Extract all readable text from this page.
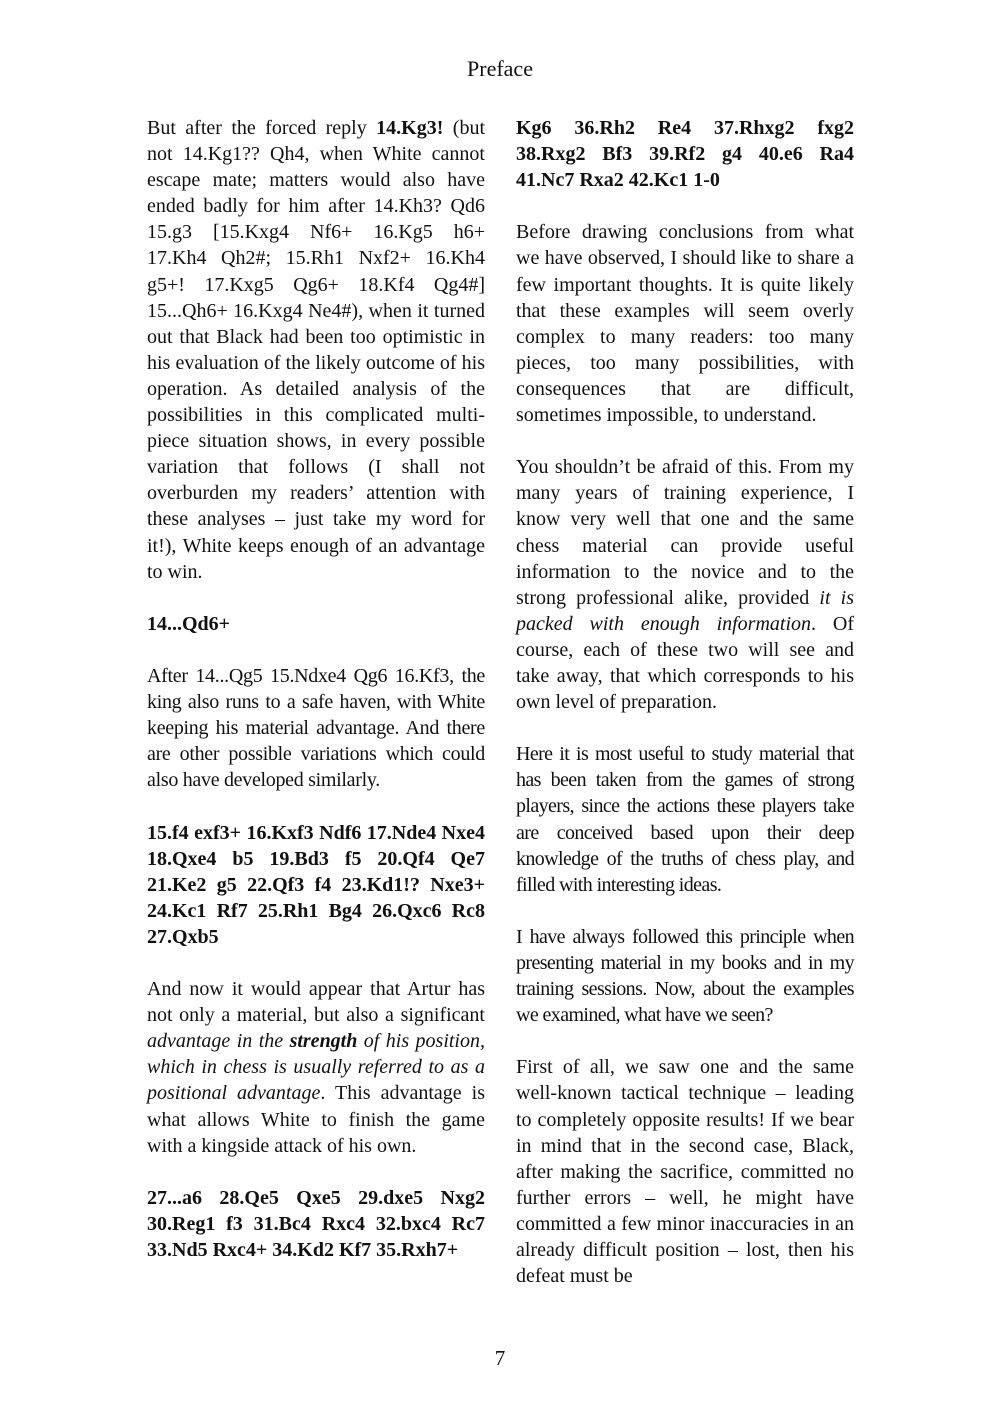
Preface

But after the forced reply 14.Kg3! (but not 14.Kg1?? Qh4, when White cannot escape mate; matters would also have ended badly for him after 14.Kh3? Qd6 15.g3 [15.Kxg4 Nf6+ 16.Kg5 h6+ 17.Kh4 Qh2#; 15.Rh1 Nxf2+ 16.Kh4 g5+! 17.Kxg5 Qg6+ 18.Kf4 Qg4#] 15...Qh6+ 16.Kxg4 Ne4#), when it turned out that Black had been too optimistic in his evaluation of the likely outcome of his operation. As detailed analysis of the possibilities in this complicated multi-piece situation shows, in every possible variation that follows (I shall not overburden my readers’ attention with these analyses – just take my word for it!), White keeps enough of an advantage to win.

14...Qd6+

After 14...Qg5 15.Ndxe4 Qg6 16.Kf3, the king also runs to a safe haven, with White keeping his material advantage. And there are other possible variations which could also have developed similarly.

15.f4 exf3+ 16.Kxf3 Ndf6 17.Nde4 Nxe4 18.Qxe4 b5 19.Bd3 f5 20.Qf4 Qe7 21.Ke2 g5 22.Qf3 f4 23.Kd1!? Nxe3+ 24.Kc1 Rf7 25.Rh1 Bg4 26.Qxc6 Rc8 27.Qxb5

And now it would appear that Artur has not only a material, but also a significant advantage in the strength of his position, which in chess is usually referred to as a positional advantage. This advantage is what allows White to finish the game with a kingside attack of his own.

27...a6 28.Qe5 Qxe5 29.dxe5 Nxg2 30.Reg1 f3 31.Bc4 Rxc4 32.bxc4 Rc7 33.Nd5 Rxc4+ 34.Kd2 Kf7 35.Rxh7+

Kg6 36.Rh2 Re4 37.Rhxg2 fxg2 38.Rxg2 Bf3 39.Rf2 g4 40.e6 Ra4 41.Nc7 Rxa2 42.Kc1 1-0

Before drawing conclusions from what we have observed, I should like to share a few important thoughts. It is quite likely that these examples will seem overly complex to many readers: too many pieces, too many possibilities, with consequences that are difficult, sometimes impossible, to understand.

You shouldn’t be afraid of this. From my many years of training experience, I know very well that one and the same chess material can provide useful information to the novice and to the strong professional alike, provided it is packed with enough information. Of course, each of these two will see and take away, that which corresponds to his own level of preparation.

Here it is most useful to study material that has been taken from the games of strong players, since the actions these players take are conceived based upon their deep knowledge of the truths of chess play, and filled with interesting ideas.

I have always followed this principle when presenting material in my books and in my training sessions. Now, about the examples we examined, what have we seen?

First of all, we saw one and the same well-known tactical technique – leading to completely opposite results! If we bear in mind that in the second case, Black, after making the sacrifice, committed no further errors – well, he might have committed a few minor inaccuracies in an already difficult position – lost, then his defeat must be

7
